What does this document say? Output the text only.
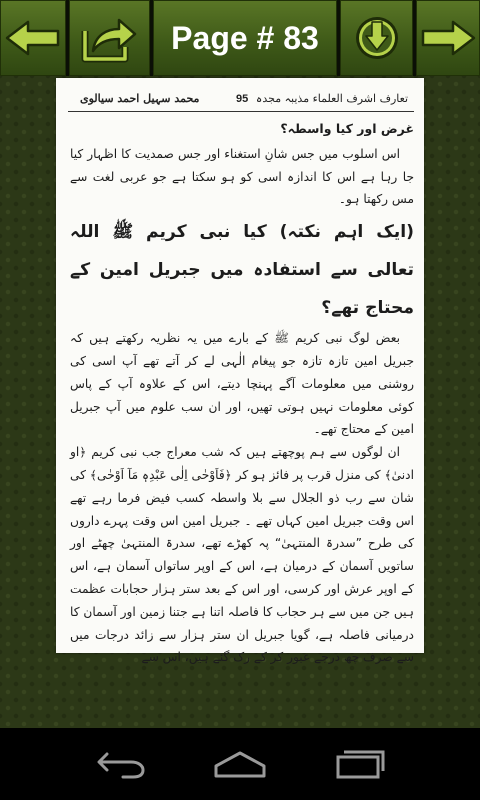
Page # 83
محمد سہیل احمد سیالوی	95 تعارف اشرف العلماء مذیبہ مجدہ

غرض اور کیا واسطہ؟

اس اسلوب میں جس شانِ استغناء اور جس صمدیت کا اظہار کیا جا رہا ہے اس کا اندازہ اسی کو ہو سکتا ہے جو عربی لغت سے مس رکھتا ہو۔

(ایک اہم نکتہ) کیا نبی کریم ﷺ اللہ تعالی سے استفادہ میں جبریل امین کے محتاج تھے؟

بعض لوگ نبی کریم ﷺ کے بارے میں یہ نظریہ رکھتے ہیں کہ جبریل امین تازہ تازہ جو پیغام الٰہی لے کر آتے تھے آپ اسی کی روشنی میں معلومات آگے پہنچا دیتے، اس کے علاوہ آپ کے پاس کوئی معلومات نہیں ہوتی تھیں، اور ان سب علوم میں آپ جبریل امین کے محتاج تھے۔

ان لوگوں سے ہم پوچھتے ہیں کہ شب معراج جب نبی کریم ﴿او ادنیٰ﴾ کی منزل قرب پر فائز ہو کر ﴿فَاَوْحٰی اِلٰی عَبْدِہٖ مَآ اَوْحٰی﴾ کی شان سے رب ذو الجلال سے بلا واسطہ کسب فیض فرما رہے تھے اس وقت جبریل امین کہاں تھے ۔ جبریل امین اس وقت پہرے داروں کی طرح ”سدرۃ المنتہیٰ“ پہ کھڑے تھے، سدرۃ المنتہیٰ چھٹے اور ساتویں آسمان کے درمیان ہے، اس کے اوپر ساتواں آسمان ہے، اس کے اوپر عرش اور کرسی، اور اس کے بعد ستر ہزار حجابات عظمت ہیں جن میں سے ہر حجاب کا فاصلہ اتنا ہے جتنا زمین اور آسمان کا درمیانی فاصلہ ہے، گویا جبریل ان ستر ہزار سے زائد درجات میں سے صرف چھ درجے عبور کر کے رک گئے ہیں، اس سے
